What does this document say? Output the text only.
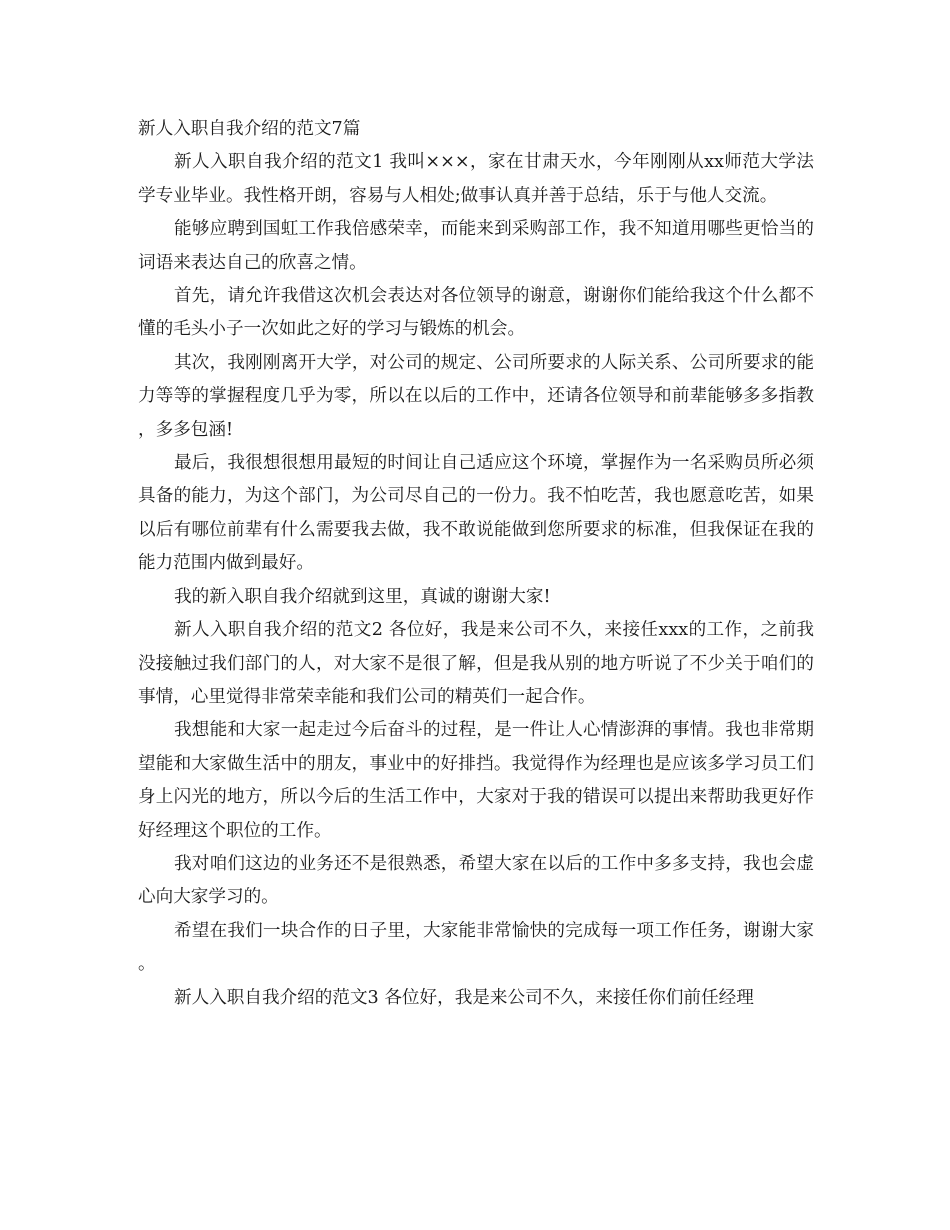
新人入职自我介绍的范文7篇

新人入职自我介绍的范文1 我叫×××，家在甘肃天水，今年刚刚从xx师范大学法学专业毕业。我性格开朗，容易与人相处;做事认真并善于总结，乐于与他人交流。

能够应聘到国虹工作我倍感荣幸，而能来到采购部工作，我不知道用哪些更恰当的词语来表达自己的欣喜之情。

首先，请允许我借这次机会表达对各位领导的谢意，谢谢你们能给我这个什么都不懂的毛头小子一次如此之好的学习与锻炼的机会。

其次，我刚刚离开大学，对公司的规定、公司所要求的人际关系、公司所要求的能力等等的掌握程度几乎为零，所以在以后的工作中，还请各位领导和前辈能够多多指教，多多包涵!

最后，我很想很想用最短的时间让自己适应这个环境，掌握作为一名采购员所必须具备的能力，为这个部门，为公司尽自己的一份力。我不怕吃苦，我也愿意吃苦，如果以后有哪位前辈有什么需要我去做，我不敢说能做到您所要求的标准，但我保证在我的能力范围内做到最好。

我的新入职自我介绍就到这里，真诚的谢谢大家!

新人入职自我介绍的范文2 各位好，我是来公司不久，来接任xxx的工作，之前我没接触过我们部门的人，对大家不是很了解，但是我从别的地方听说了不少关于咱们的事情，心里觉得非常荣幸能和我们公司的精英们一起合作。

我想能和大家一起走过今后奋斗的过程，是一件让人心情澎湃的事情。我也非常期望能和大家做生活中的朋友，事业中的好排挡。我觉得作为经理也是应该多学习员工们身上闪光的地方，所以今后的生活工作中，大家对于我的错误可以提出来帮助我更好作好经理这个职位的工作。

我对咱们这边的业务还不是很熟悉，希望大家在以后的工作中多多支持，我也会虚心向大家学习的。

希望在我们一块合作的日子里，大家能非常愉快的完成每一项工作任务，谢谢大家。

新人入职自我介绍的范文3 各位好，我是来公司不久，来接任你们前任经理
